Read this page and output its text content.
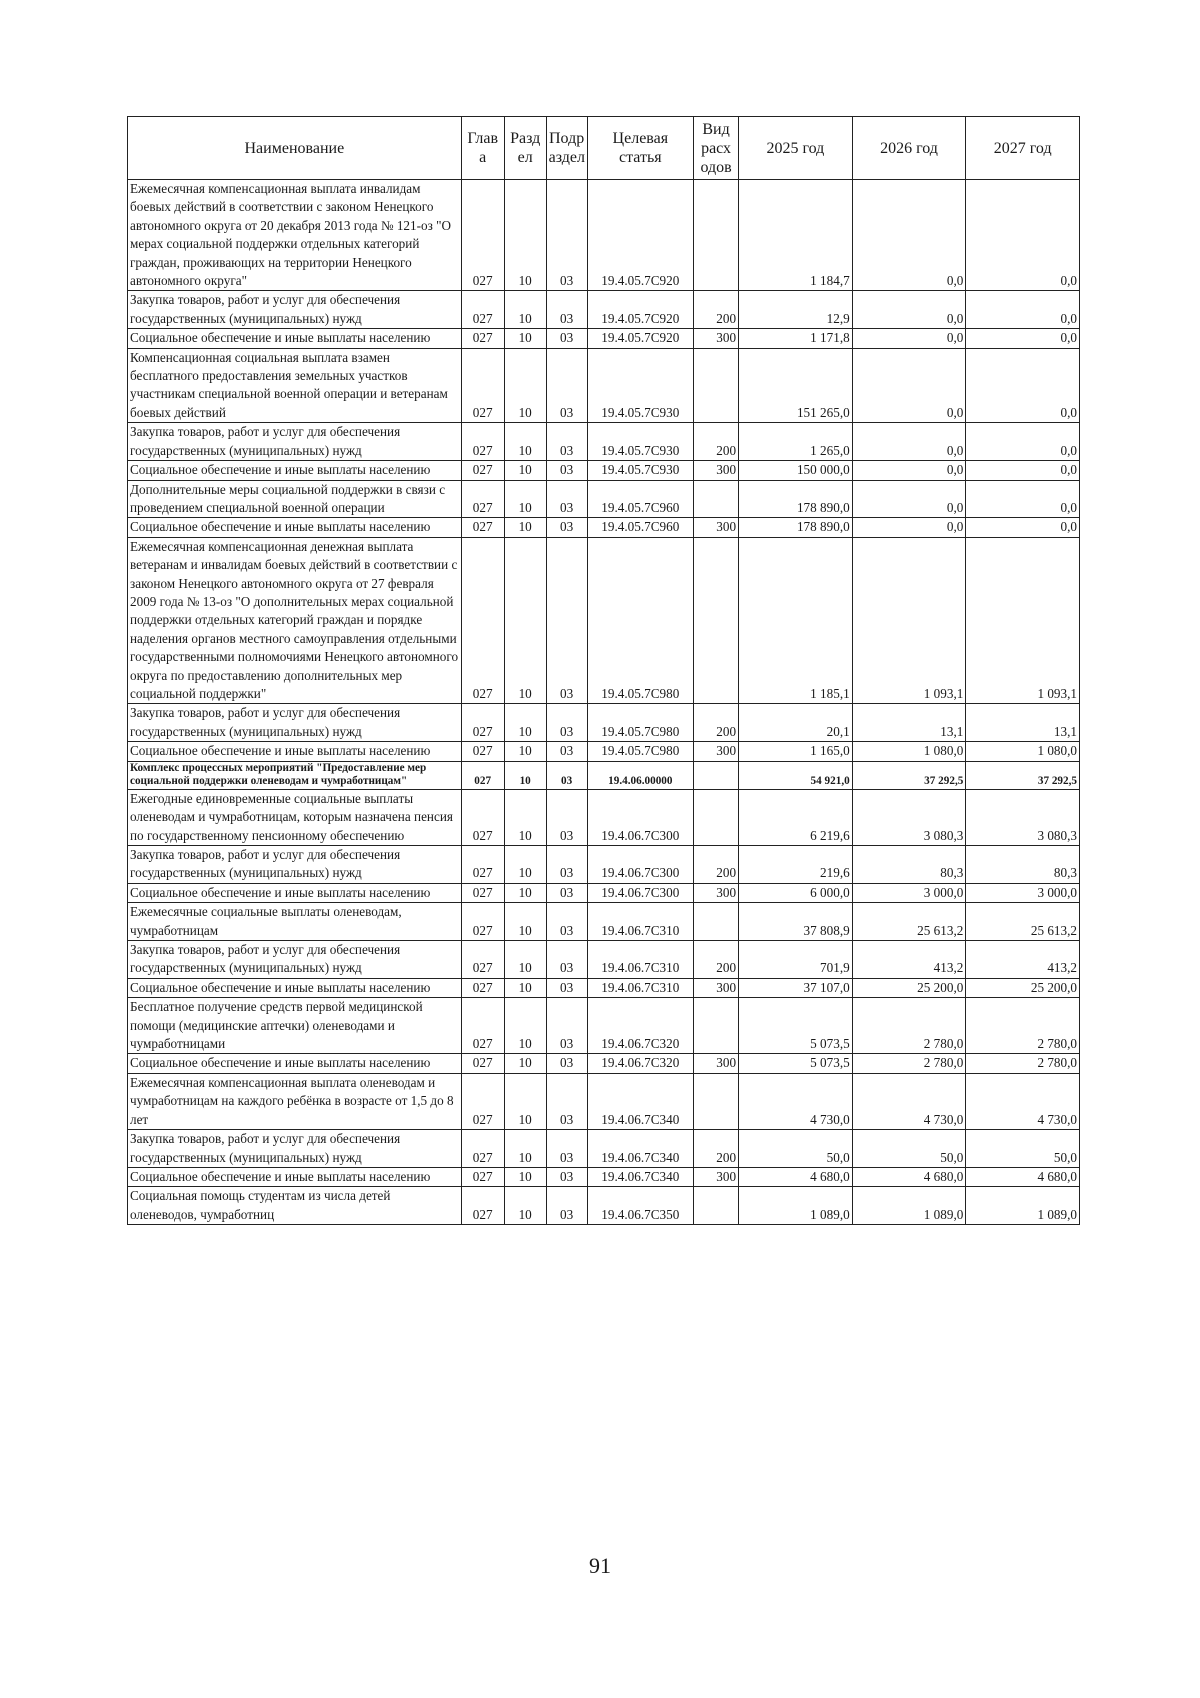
Наименование	Глав а	Разд ел	Подр аздел	Целевая статья	Вид расх одов	2025 год	2026 год	2027 год
Ежемесячная компенсационная выплата инвалидам боевых действий в соответствии с законом Ненецкого автономного округа от 20 декабря 2013 года № 121-оз "О мерах социальной поддержки отдельных категорий граждан, проживающих на территории Ненецкого автономного округа"	027	10	03	19.4.05.7С920		1 184,7	0,0	0,0
Закупка товаров, работ и услуг для обеспечения государственных (муниципальных) нужд	027	10	03	19.4.05.7С920	200	12,9	0,0	0,0
Социальное обеспечение и иные выплаты населению	027	10	03	19.4.05.7С920	300	1 171,8	0,0	0,0
Компенсационная социальная выплата взамен бесплатного предоставления земельных участков участникам специальной военной операции и ветеранам боевых действий	027	10	03	19.4.05.7С930		151 265,0	0,0	0,0
Закупка товаров, работ и услуг для обеспечения государственных (муниципальных) нужд	027	10	03	19.4.05.7С930	200	1 265,0	0,0	0,0
Социальное обеспечение и иные выплаты населению	027	10	03	19.4.05.7С930	300	150 000,0	0,0	0,0
Дополнительные меры социальной поддержки в связи с проведением специальной военной операции	027	10	03	19.4.05.7С960		178 890,0	0,0	0,0
Социальное обеспечение и иные выплаты населению	027	10	03	19.4.05.7С960	300	178 890,0	0,0	0,0
Ежемесячная компенсационная денежная выплата ветеранам и инвалидам боевых действий в соответствии с законом Ненецкого автономного округа от 27 февраля 2009 года № 13-оз "О дополнительных мерах социальной поддержки отдельных категорий граждан и порядке наделения органов местного самоуправления отдельными государственными полномочиями Ненецкого автономного округа по предоставлению дополнительных мер социальной поддержки"	027	10	03	19.4.05.7С980		1 185,1	1 093,1	1 093,1
Закупка товаров, работ и услуг для обеспечения государственных (муниципальных) нужд	027	10	03	19.4.05.7С980	200	20,1	13,1	13,1
Социальное обеспечение и иные выплаты населению	027	10	03	19.4.05.7С980	300	1 165,0	1 080,0	1 080,0
Комплекс процессных мероприятий "Предоставление мер социальной поддержки оленеводам и чумработницам"	027	10	03	19.4.06.00000		54 921,0	37 292,5	37 292,5
Ежегодные единовременные социальные выплаты оленеводам и чумработницам, которым назначена пенсия по государственному пенсионному обеспечению	027	10	03	19.4.06.7С300		6 219,6	3 080,3	3 080,3
Закупка товаров, работ и услуг для обеспечения государственных (муниципальных) нужд	027	10	03	19.4.06.7С300	200	219,6	80,3	80,3
Социальное обеспечение и иные выплаты населению	027	10	03	19.4.06.7С300	300	6 000,0	3 000,0	3 000,0
Ежемесячные социальные выплаты оленеводам, чумработницам	027	10	03	19.4.06.7С310		37 808,9	25 613,2	25 613,2
Закупка товаров, работ и услуг для обеспечения государственных (муниципальных) нужд	027	10	03	19.4.06.7С310	200	701,9	413,2	413,2
Социальное обеспечение и иные выплаты населению	027	10	03	19.4.06.7С310	300	37 107,0	25 200,0	25 200,0
Бесплатное получение средств первой медицинской помощи (медицинские аптечки) оленеводами и чумработницами	027	10	03	19.4.06.7С320		5 073,5	2 780,0	2 780,0
Социальное обеспечение и иные выплаты населению	027	10	03	19.4.06.7С320	300	5 073,5	2 780,0	2 780,0
Ежемесячная компенсационная выплата оленеводам и чумработницам на каждого ребёнка в возрасте от 1,5 до 8 лет	027	10	03	19.4.06.7С340		4 730,0	4 730,0	4 730,0
Закупка товаров, работ и услуг для обеспечения государственных (муниципальных) нужд	027	10	03	19.4.06.7С340	200	50,0	50,0	50,0
Социальное обеспечение и иные выплаты населению	027	10	03	19.4.06.7С340	300	4 680,0	4 680,0	4 680,0
Социальная помощь студентам из числа детей оленеводов, чумработниц	027	10	03	19.4.06.7С350		1 089,0	1 089,0	1 089,0
91
